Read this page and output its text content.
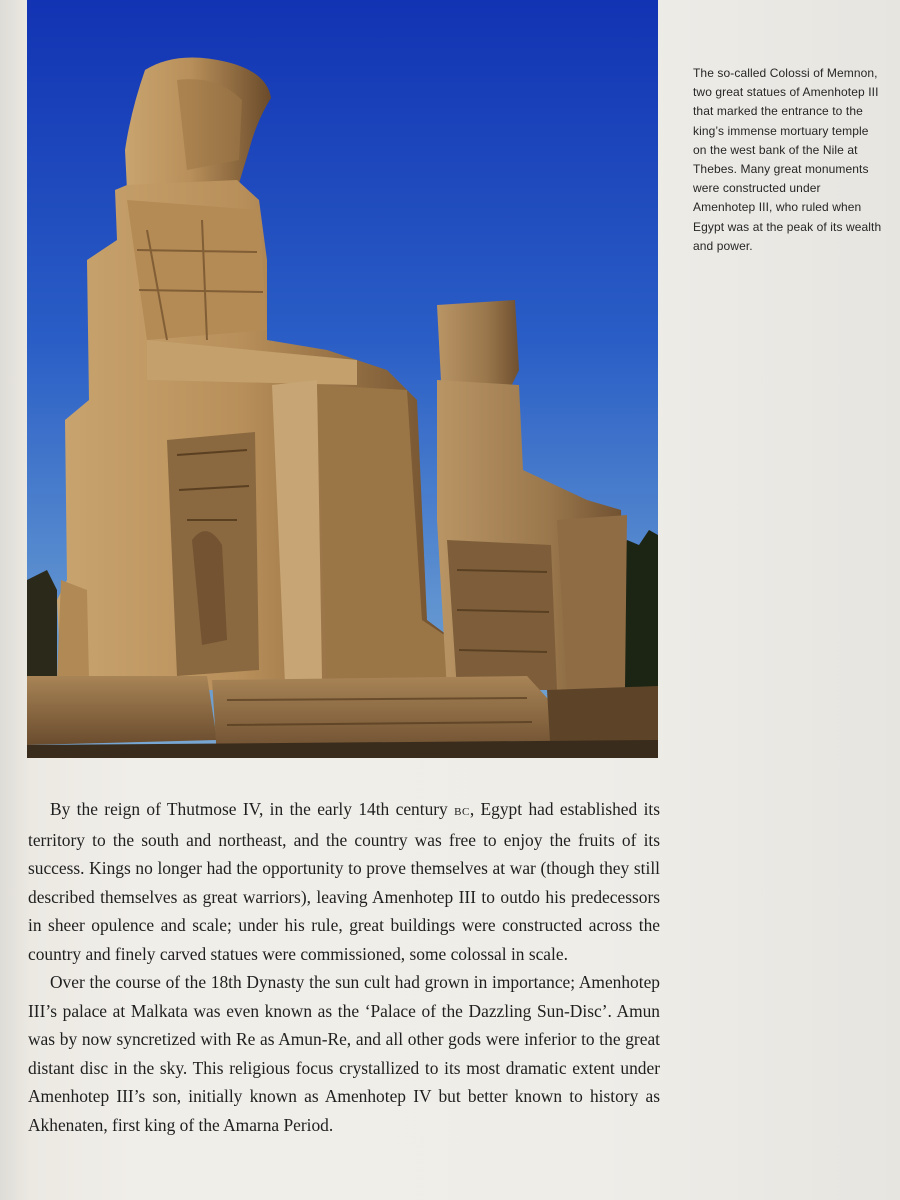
The so-called Colossi of Memnon, two great statues of Amenhotep III that marked the entrance to the king’s immense mortuary temple on the west bank of the Nile at Thebes. Many great monuments were constructed under Amenhotep III, who ruled when Egypt was at the peak of its wealth and power.

By the reign of Thutmose IV, in the early 14th century bc, Egypt had established its territory to the south and northeast, and the country was free to enjoy the fruits of its success. Kings no longer had the opportunity to prove themselves at war (though they still described themselves as great warriors), leaving Amenhotep III to outdo his predecessors in sheer opulence and scale; under his rule, great buildings were constructed across the country and finely carved statues were commissioned, some colossal in scale.

Over the course of the 18th Dynasty the sun cult had grown in importance; Amenhotep III’s palace at Malkata was even known as the ‘Palace of the Dazzling Sun-Disc’. Amun was by now syncretized with Re as Amun-Re, and all other gods were inferior to the great distant disc in the sky. This religious focus crystallized to its most dramatic extent under Amenhotep III’s son, initially known as Amenhotep IV but better known to history as Akhenaten, first king of the Amarna Period.
